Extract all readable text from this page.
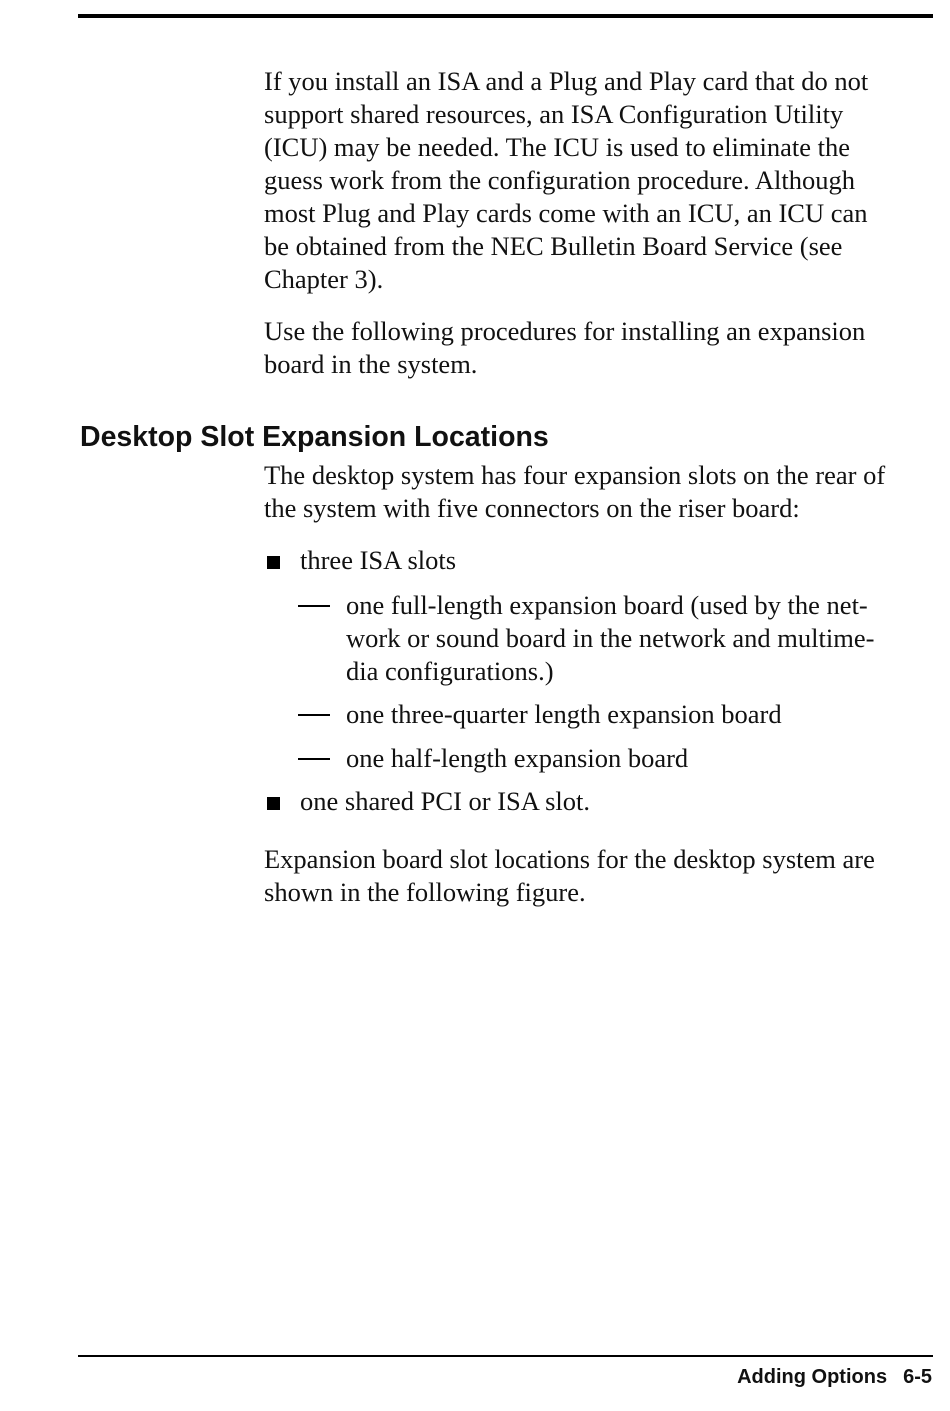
If you install an ISA and a Plug and Play card that do not
support shared resources, an ISA Configuration Utility
(ICU) may be needed. The ICU is used to eliminate the
guess work from the configuration procedure. Although
most Plug and Play cards come with an ICU, an ICU can
be obtained from the NEC Bulletin Board Service (see
Chapter 3).

Use the following procedures for installing an expansion
board in the system.

Desktop Slot Expansion Locations

The desktop system has four expansion slots on the rear of
the system with five connectors on the riser board:

three ISA slots
one full-length expansion board (used by the net-
work or sound board in the network and multime-
dia configurations.)
one three-quarter length expansion board
one half-length expansion board
one shared PCI or ISA slot.

Expansion board slot locations for the desktop system are
shown in the following figure.

Adding Options 6-5
